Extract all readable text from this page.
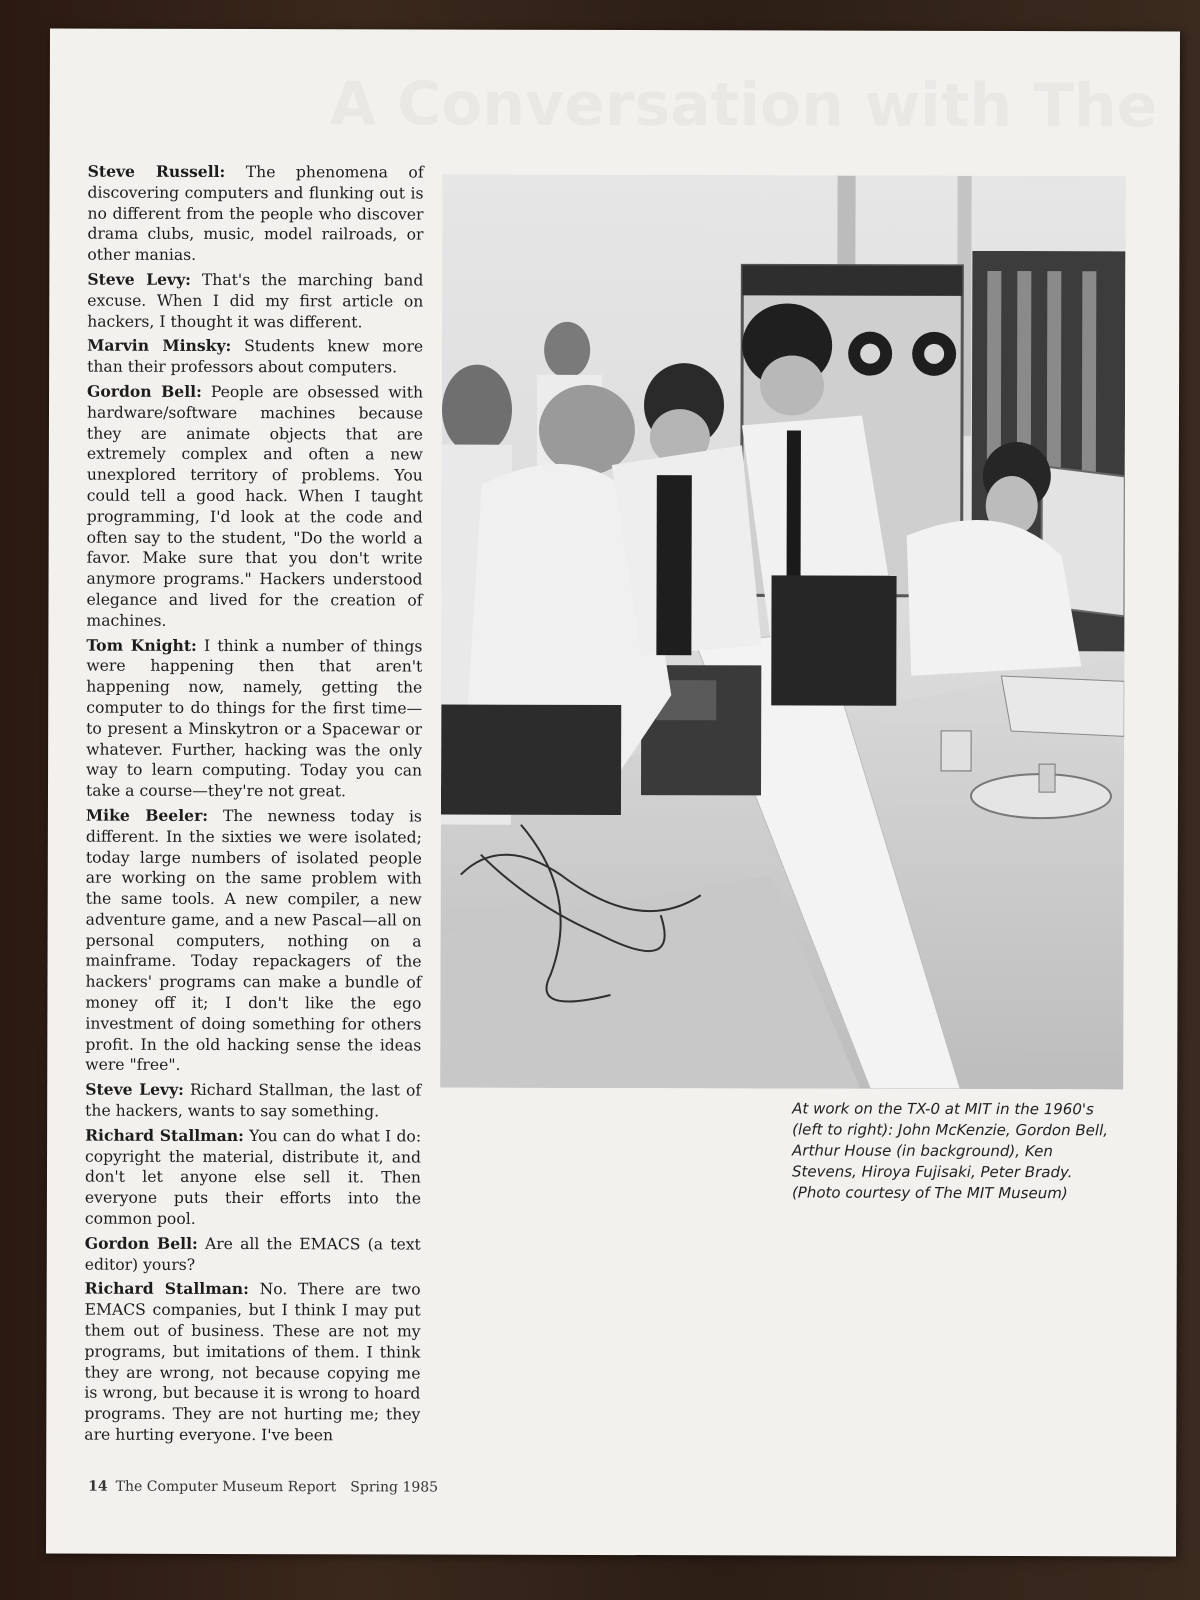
Steve Russell: The phenomena of discovering computers and flunking out is no different from the people who discover drama clubs, music, model railroads, or other manias.

Steve Levy: That's the marching band excuse. When I did my first article on hackers, I thought it was different.

Marvin Minsky: Students knew more than their professors about computers.

Gordon Bell: People are obsessed with hardware/software machines because they are animate objects that are extremely complex and often a new unexplored territory of problems. You could tell a good hack. When I taught programming, I'd look at the code and often say to the student, "Do the world a favor. Make sure that you don't write anymore programs." Hackers understood elegance and lived for the creation of machines.

Tom Knight: I think a number of things were happening then that aren't happening now, namely, getting the computer to do things for the first time—to present a Minskytron or a Spacewar or whatever. Further, hacking was the only way to learn computing. Today you can take a course—they're not great.

Mike Beeler: The newness today is different. In the sixties we were isolated; today large numbers of isolated people are working on the same problem with the same tools. A new compiler, a new adventure game, and a new Pascal—all on personal computers, nothing on a mainframe. Today repackagers of the hackers' programs can make a bundle of money off it; I don't like the ego investment of doing something for others profit. In the old hacking sense the ideas were "free".

Steve Levy: Richard Stallman, the last of the hackers, wants to say something.

Richard Stallman: You can do what I do: copyright the material, distribute it, and don't let anyone else sell it. Then everyone puts their efforts into the common pool.

Gordon Bell: Are all the EMACS (a text editor) yours?

Richard Stallman: No. There are two EMACS companies, but I think I may put them out of business. These are not my programs, but imitations of them. I think they are wrong, not because copying me is wrong, but because it is wrong to hoard programs. They are not hurting me; they are hurting everyone. I've been

At work on the TX-0 at MIT in the 1960's (left to right): John McKenzie, Gordon Bell, Arthur House (in background), Ken Stevens, Hiroya Fujisaki, Peter Brady. (Photo courtesy of The MIT Museum)
14 The Computer Museum Report Spring 1985
